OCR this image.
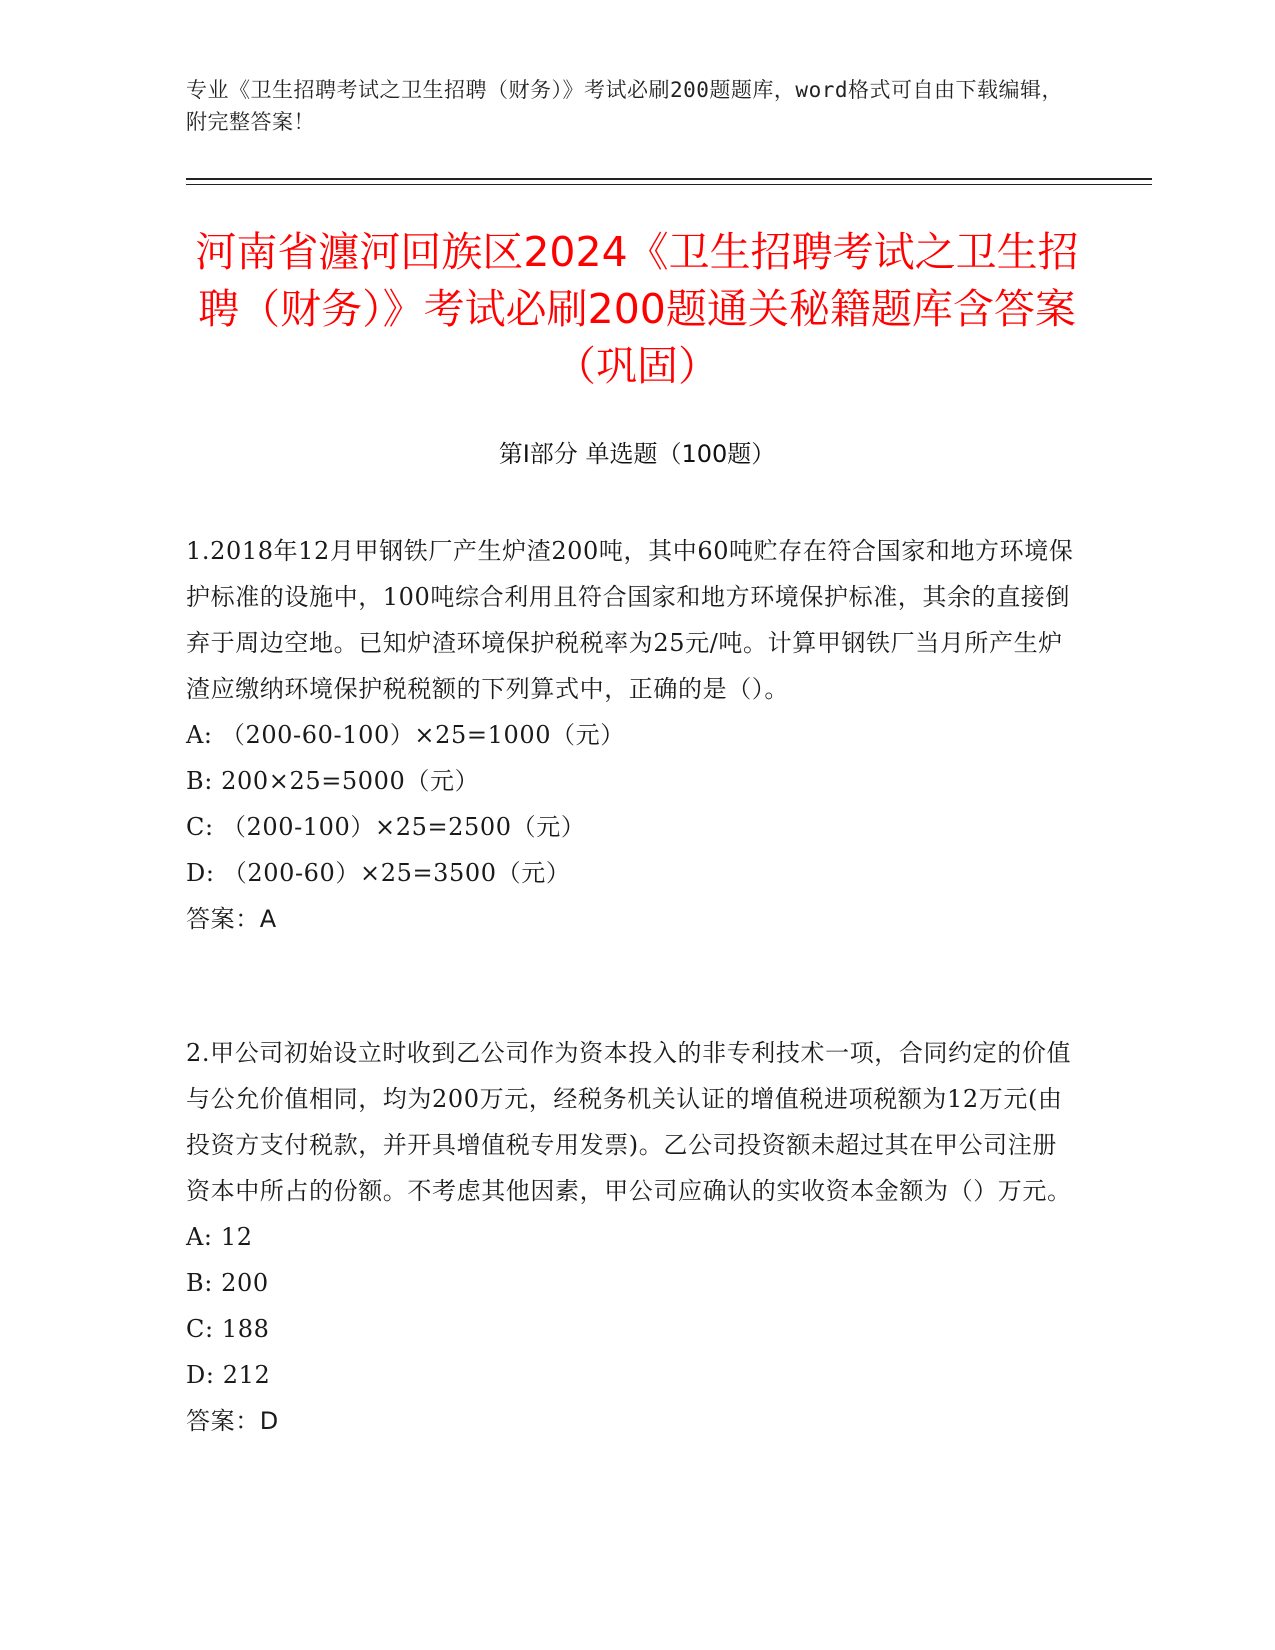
专业《卫生招聘考试之卫生招聘（财务）》考试必刷200题题库，word格式可自由下载编辑，附完整答案！
河南省瀍河回族区2024《卫生招聘考试之卫生招聘（财务）》考试必刷200题通关秘籍题库含答案（巩固）
第Ⅰ部分 单选题（100题）

1.2018年12月甲钢铁厂产生炉渣200吨，其中60吨贮存在符合国家和地方环境保护标准的设施中，100吨综合利用且符合国家和地方环境保护标准，其余的直接倒弃于周边空地。已知炉渣环境保护税税率为25元/吨。计算甲钢铁厂当月所产生炉渣应缴纳环境保护税税额的下列算式中，正确的是（）。

A: （200-60-100）×25=1000（元）

B: 200×25=5000（元）

C: （200-100）×25=2500（元）

D: （200-60）×25=3500（元）

答案：A

2.甲公司初始设立时收到乙公司作为资本投入的非专利技术一项，合同约定的价值与公允价值相同，均为200万元，经税务机关认证的增值税进项税额为12万元(由投资方支付税款，并开具增值税专用发票)。乙公司投资额未超过其在甲公司注册资本中所占的份额。不考虑其他因素，甲公司应确认的实收资本金额为（）万元。

A: 12

B: 200

C: 188

D: 212

答案：D
